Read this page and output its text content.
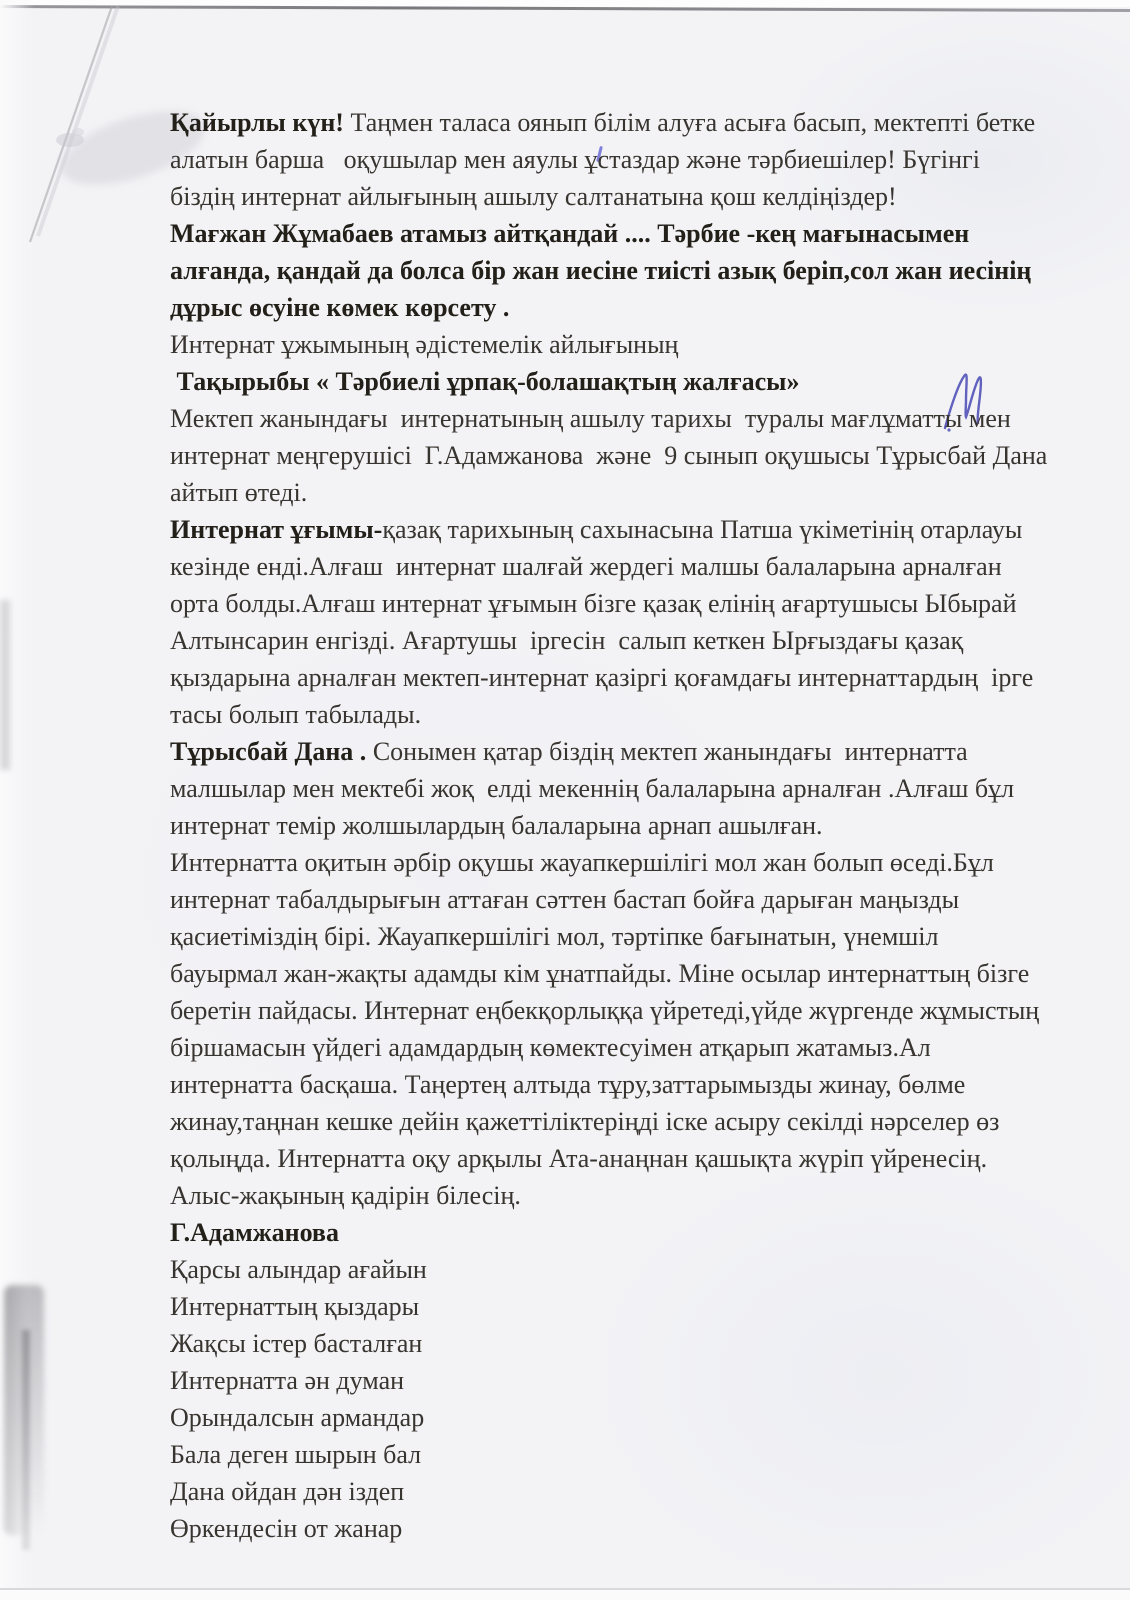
Қайырлы күн! Таңмен таласа оянып білім алуға асыға басып, мектепті бетке алатын барша   оқушылар мен аяулы ұстаздар және тәрбиешілер! Бүгінгі біздің интернат айлығының ашылу салтанатына қош келдіңіздер!

Мағжан Жұмабаев атамыз айтқандай .... Тәрбие -кең мағынасымен алғанда, қандай да болса бір жан иесіне тиісті азық беріп,сол жан иесінің дұрыс өсуіне көмек көрсету .

Интернат ұжымының әдістемелік айлығының

Тақырыбы « Тәрбиелі ұрпақ-болашақтың жалғасы»

Мектеп жанындағы  интернатының ашылу тарихы  туралы мағлұматты мен интернат меңгерушісі  Г.Адамжанова  және  9 сынып оқушысы Тұрысбай Дана айтып өтеді.

Интернат ұғымы-қазақ тарихының сахынасына Патша үкіметінің отарлауы кезінде енді.Алғаш  интернат шалғай жердегі малшы балаларына арналған орта болды.Алғаш интернат ұғымын бізге қазақ елінің ағартушысы Ыбырай Алтынсарин енгізді. Ағартушы  іргесін  салып кеткен Ырғыздағы қазақ қыздарына арналған мектеп-интернат қазіргі қоғамдағы интернаттардың  ірге тасы болып табылады.

Тұрысбай Дана . Сонымен қатар біздің мектеп жанындағы  интернатта малшылар мен мектебі жоқ  елді мекеннің балаларына арналған .Алғаш бұл интернат темір жолшылардың балаларына арнап ашылған.

Интернатта оқитын әрбір оқушы жауапкершілігі мол жан болып өседі.Бұл интернат табалдырығын аттаған сәттен бастап бойға дарыған маңызды қасиетіміздің бірі. Жауапкершілігі мол, тәртіпке бағынатын, үнемшіл бауырмал жан-жақты адамды кім ұнатпайды. Міне осылар интернаттың бізге беретін пайдасы. Интернат еңбекқорлыққа үйретеді,үйде жүргенде жұмыстың біршамасын үйдегі адамдардың көмектесуімен атқарып жатамыз.Ал интернатта басқаша. Таңертең алтыда тұру,заттарымызды жинау, бөлме жинау,таңнан кешке дейін қажеттіліктеріңді іске асыру секілді нәрселер өз қолыңда. Интернатта оқу арқылы Ата-анаңнан қашықта жүріп үйренесің. Алыс-жақының қадірін білесің.

Г.Адамжанова

Қарсы алындар ағайын

Интернаттың қыздары

Жақсы істер басталған

Интернатта ән думан

Орындалсын армандар

Бала деген шырын бал

Дана ойдан дән іздеп

Өркендесін от жанар
